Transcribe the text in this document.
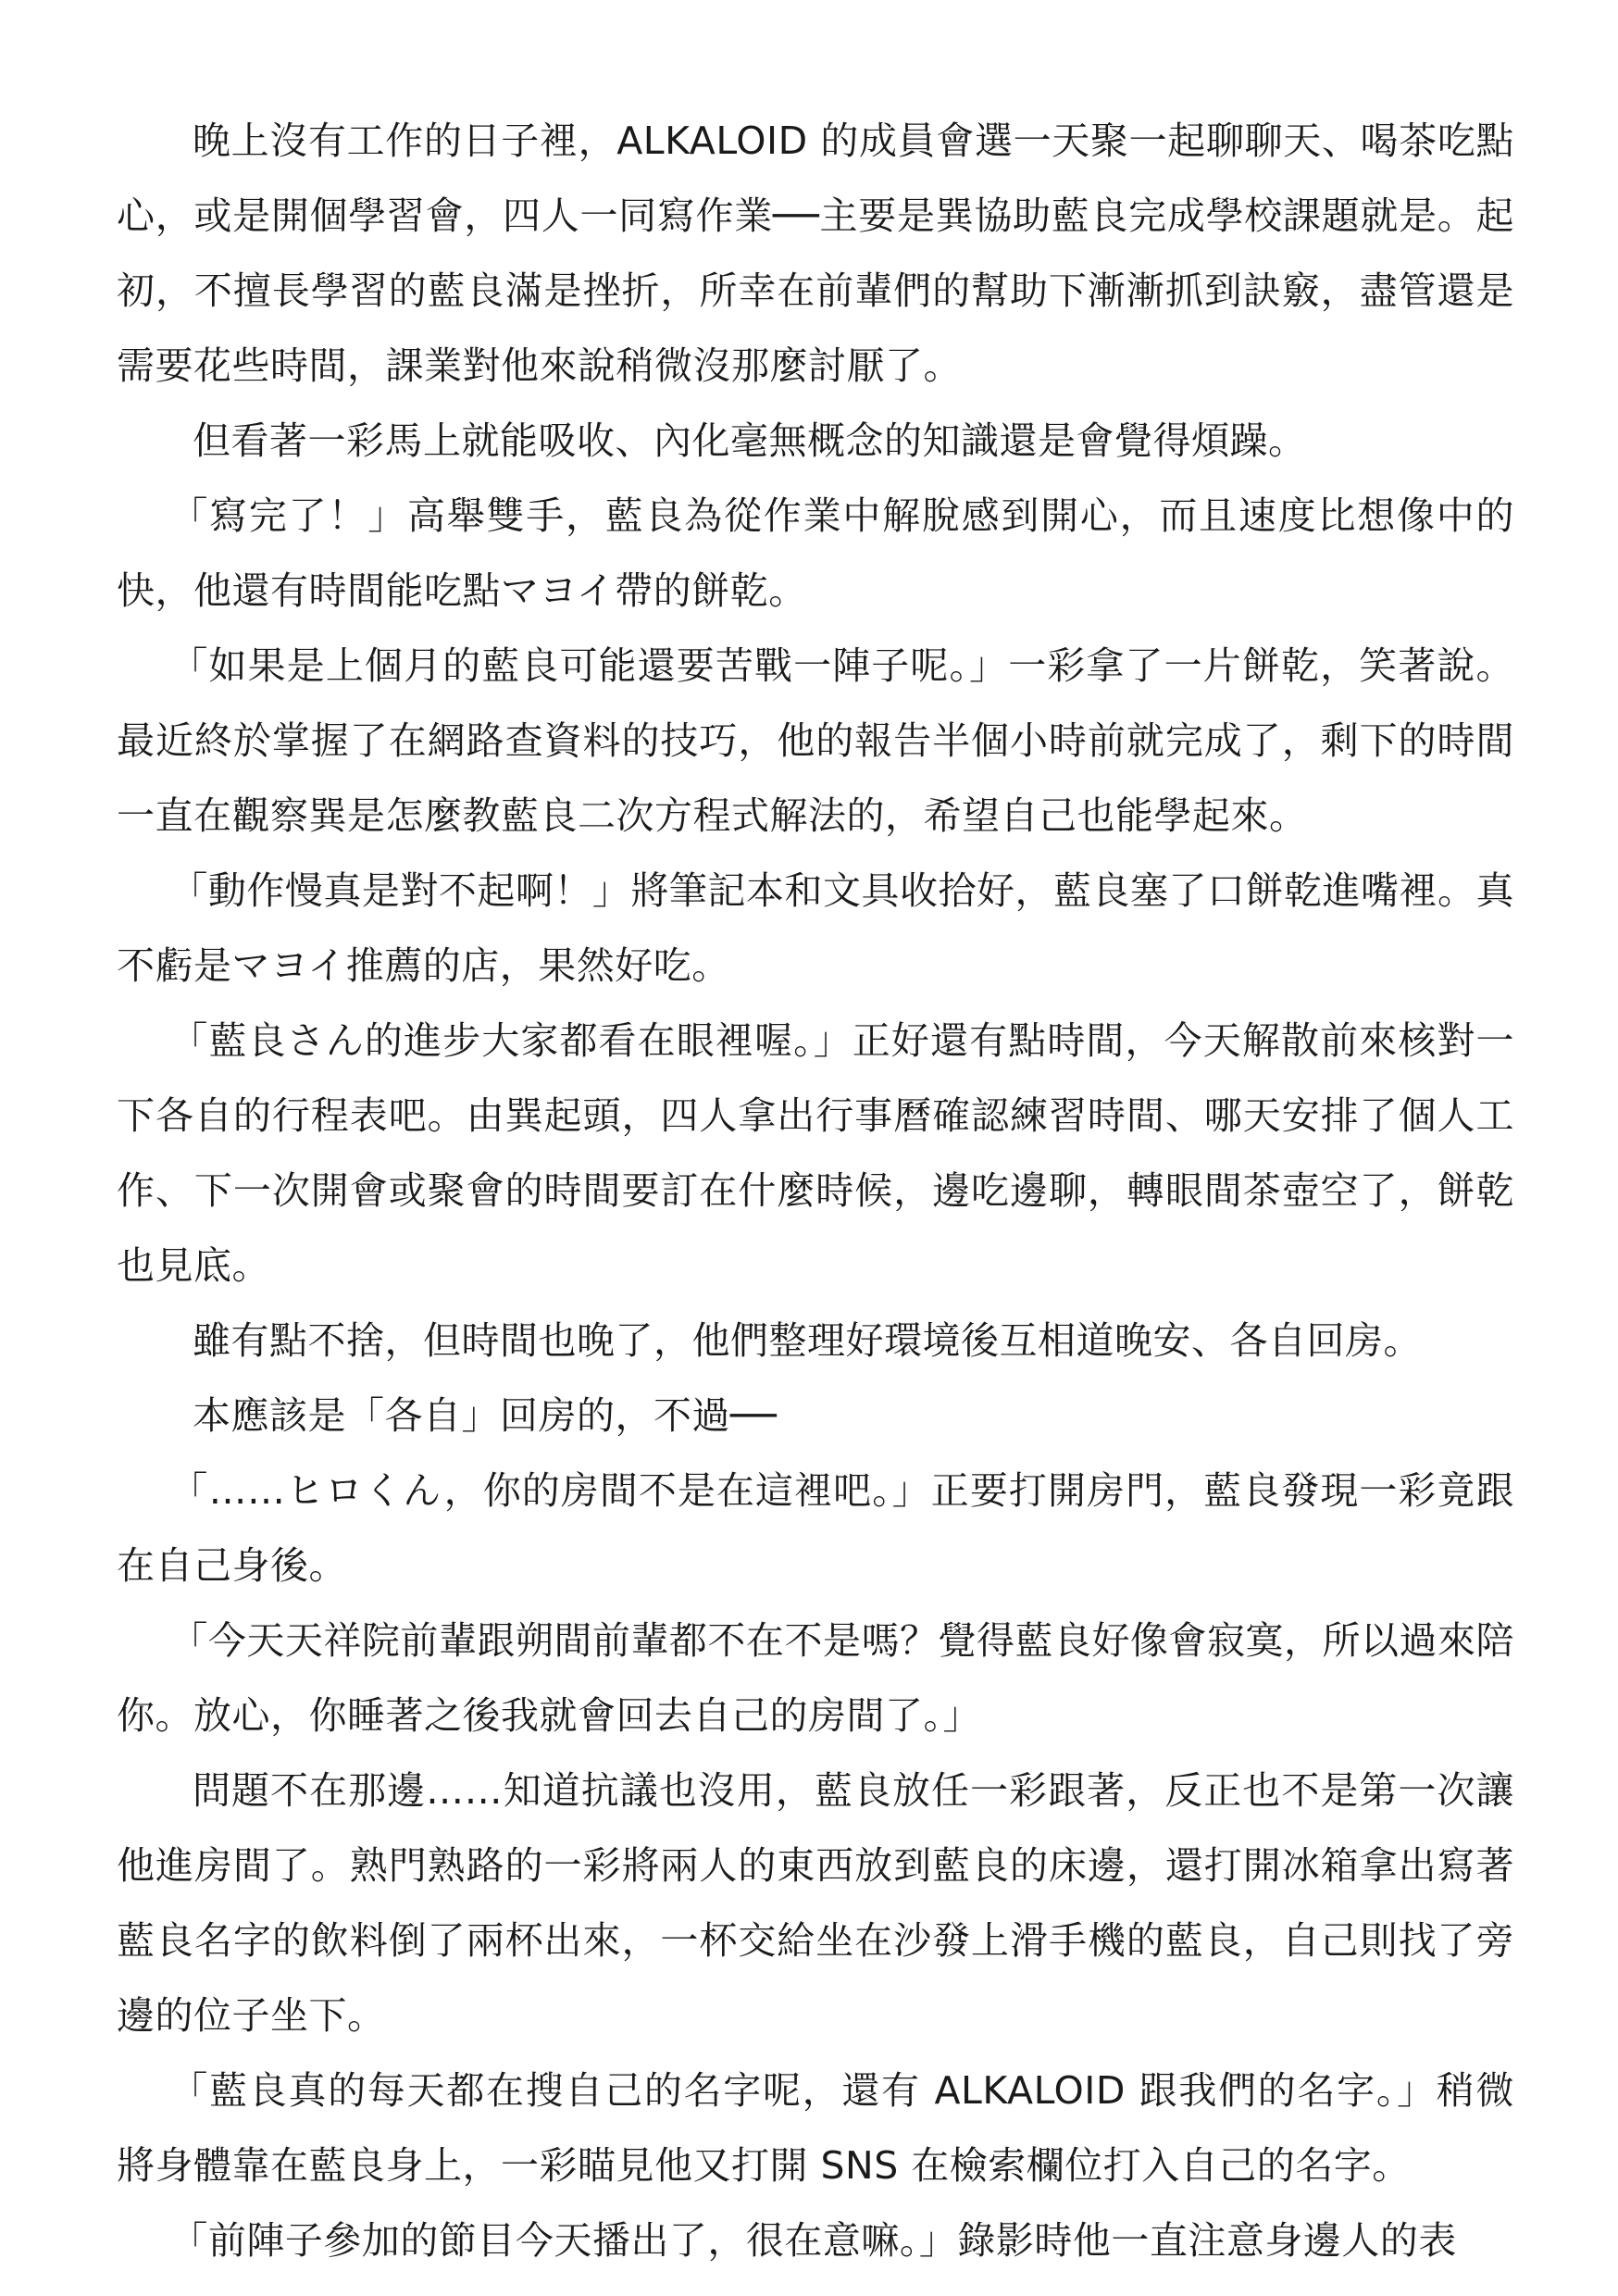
晚上沒有工作的日子裡，ALKALOID 的成員會選一天聚一起聊聊天、喝茶吃點心，或是開個學習會，四人一同寫作業──主要是巽協助藍良完成學校課題就是。起初，不擅長學習的藍良滿是挫折，所幸在前輩們的幫助下漸漸抓到訣竅，盡管還是需要花些時間，課業對他來說稍微沒那麼討厭了。

但看著一彩馬上就能吸收、內化毫無概念的知識還是會覺得煩躁。

「寫完了！」高舉雙手，藍良為從作業中解脫感到開心，而且速度比想像中的快，他還有時間能吃點マヨイ帶的餅乾。

「如果是上個月的藍良可能還要苦戰一陣子呢。」一彩拿了一片餅乾，笑著說。最近終於掌握了在網路查資料的技巧，他的報告半個小時前就完成了，剩下的時間一直在觀察巽是怎麼教藍良二次方程式解法的，希望自己也能學起來。

「動作慢真是對不起啊！」將筆記本和文具收拾好，藍良塞了口餅乾進嘴裡。真不虧是マヨイ推薦的店，果然好吃。

「藍良さん的進步大家都看在眼裡喔。」正好還有點時間，今天解散前來核對一下各自的行程表吧。由巽起頭，四人拿出行事曆確認練習時間、哪天安排了個人工作、下一次開會或聚會的時間要訂在什麼時候，邊吃邊聊，轉眼間茶壺空了，餅乾也見底。

雖有點不捨，但時間也晚了，他們整理好環境後互相道晚安、各自回房。

本應該是「各自」回房的，不過──

「……ヒロくん，你的房間不是在這裡吧。」正要打開房門，藍良發現一彩竟跟在自己身後。

「今天天祥院前輩跟朔間前輩都不在不是嗎？覺得藍良好像會寂寞，所以過來陪你。放心，你睡著之後我就會回去自己的房間了。」

問題不在那邊……知道抗議也沒用，藍良放任一彩跟著，反正也不是第一次讓他進房間了。熟門熟路的一彩將兩人的東西放到藍良的床邊，還打開冰箱拿出寫著藍良名字的飲料倒了兩杯出來，一杯交給坐在沙發上滑手機的藍良，自己則找了旁邊的位子坐下。

「藍良真的每天都在搜自己的名字呢，還有 ALKALOID 跟我們的名字。」稍微將身體靠在藍良身上，一彩瞄見他又打開 SNS 在檢索欄位打入自己的名字。

「前陣子參加的節目今天播出了，很在意嘛。」錄影時他一直注意身邊人的表
